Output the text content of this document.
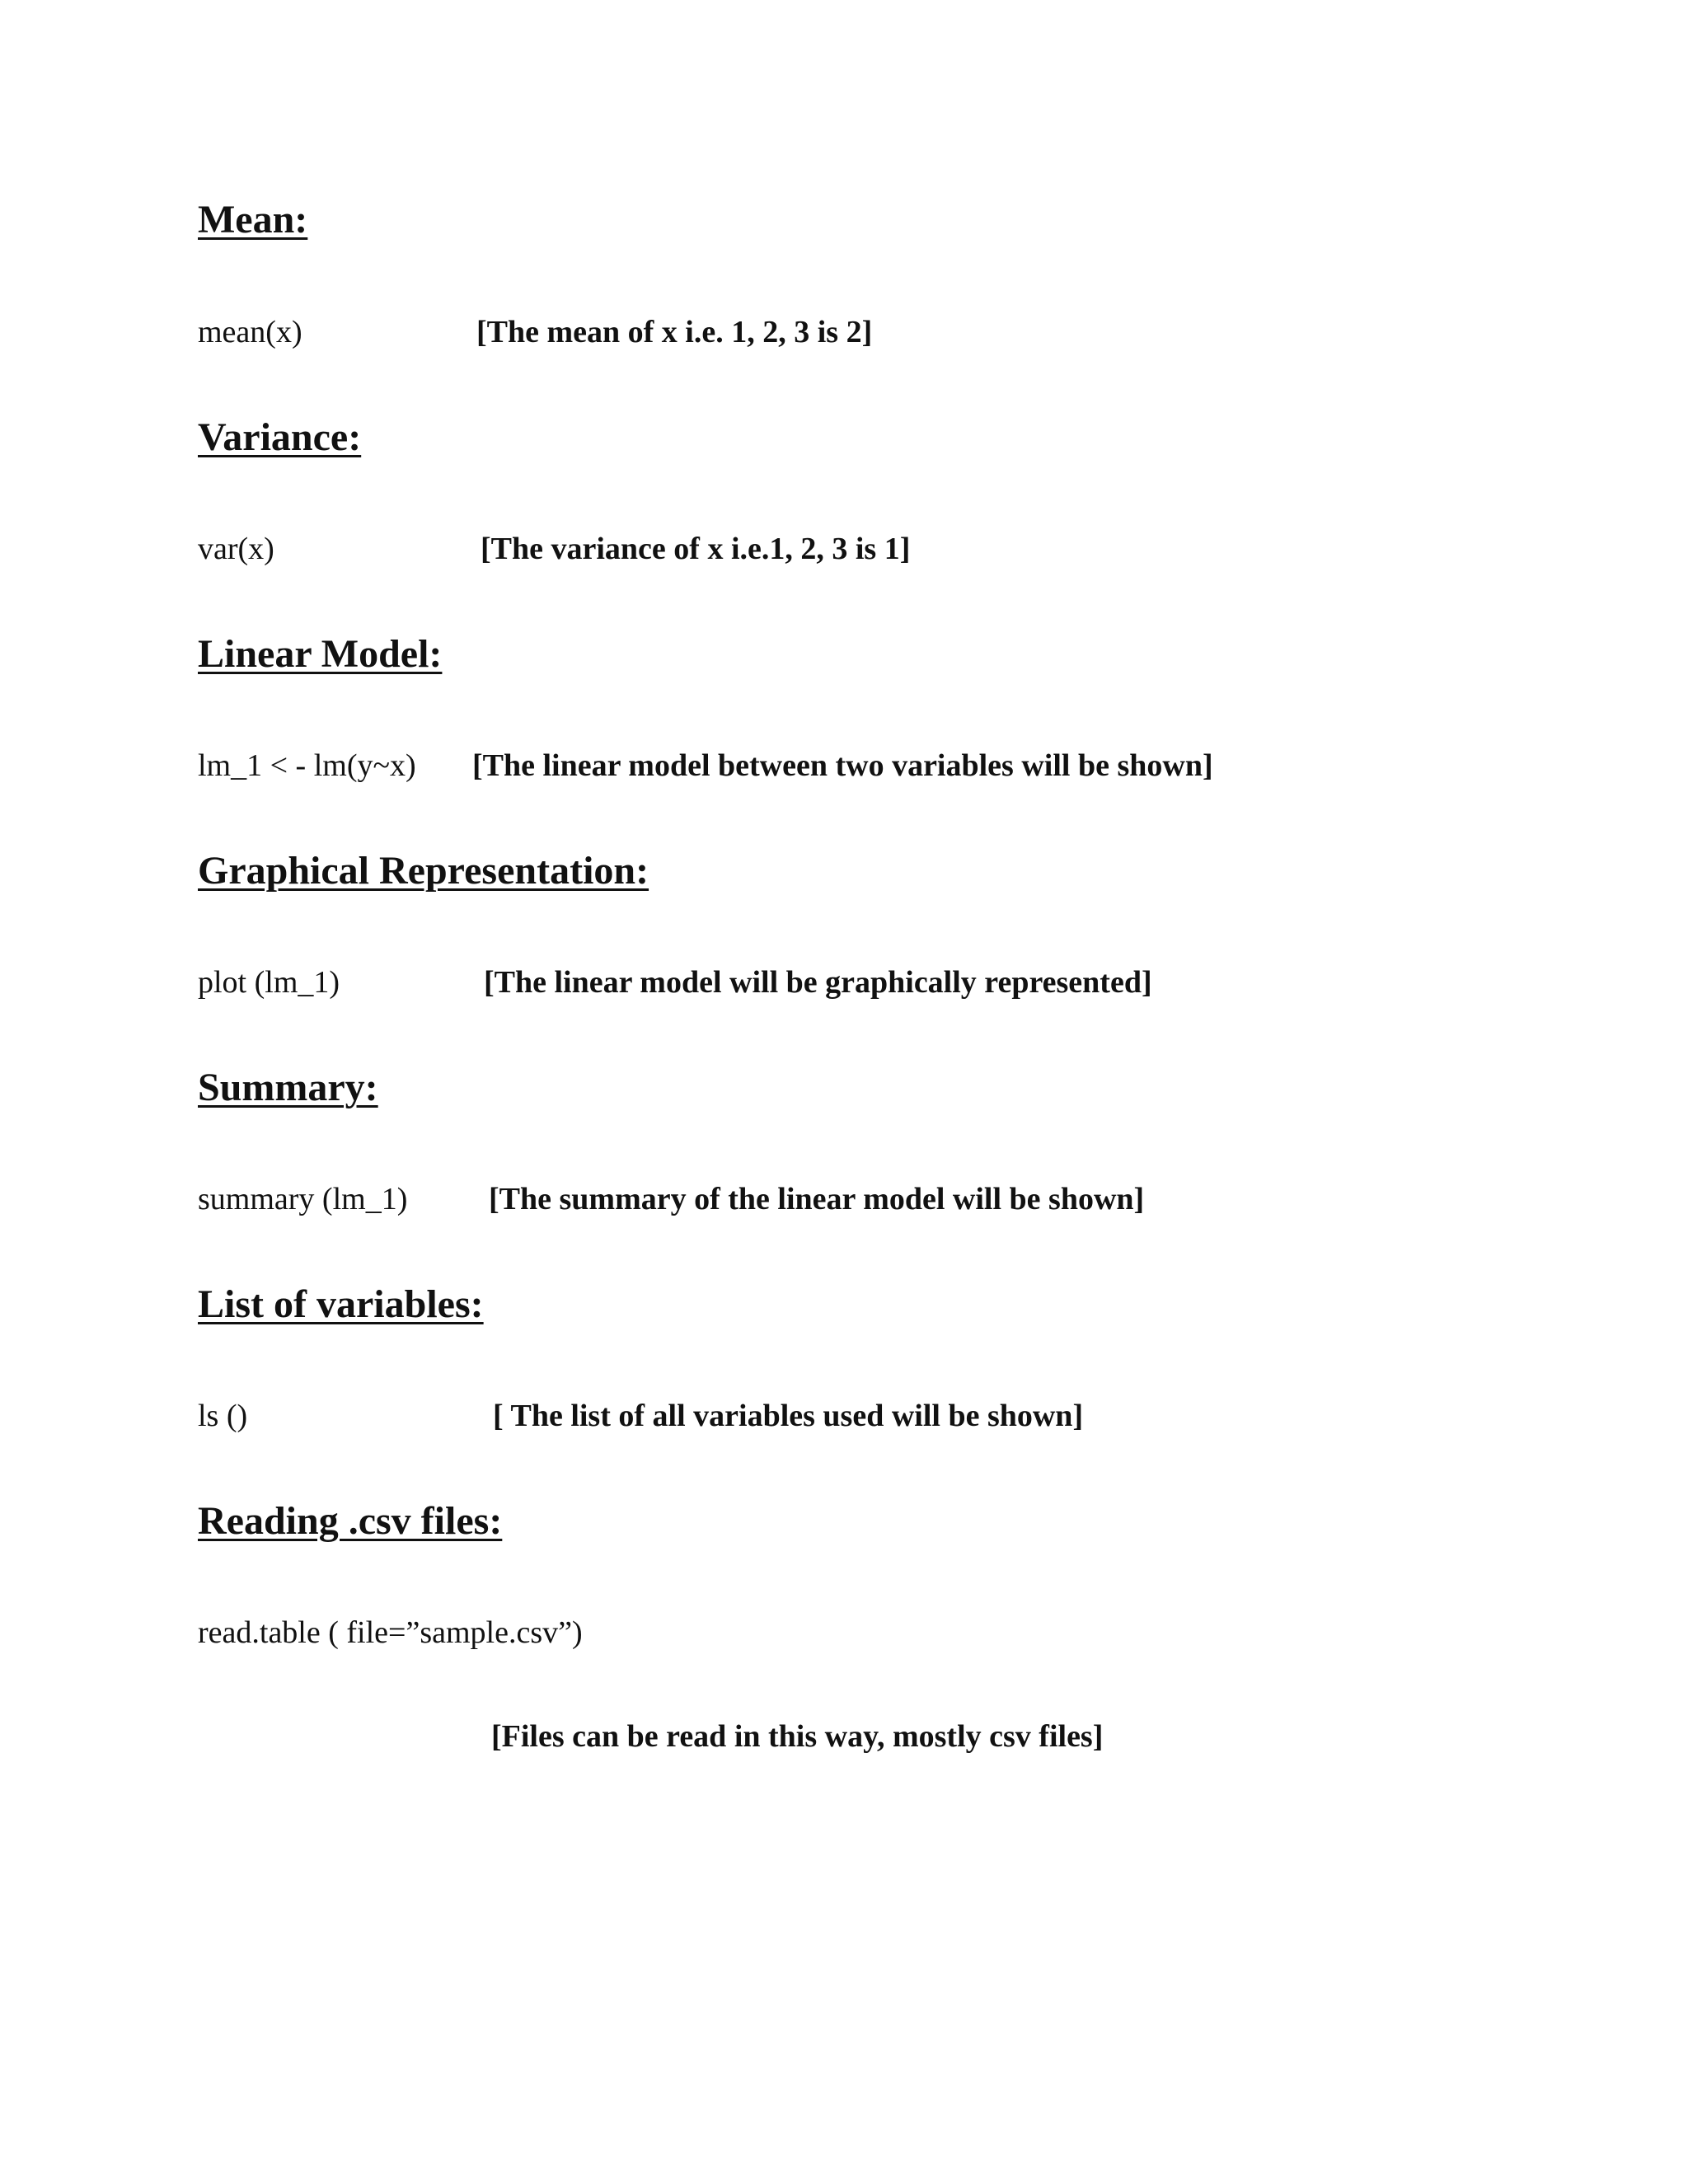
Mean:
mean(x)	[The mean of x i.e. 1, 2, 3 is 2]
Variance:
var(x)	[The variance of x i.e.1, 2, 3 is 1]
Linear Model:
lm_1 < - lm(y~x) [The linear model between two variables will be shown]
Graphical Representation:
plot (lm_1)	[The linear model will be graphically represented]
Summary:
summary (lm_1)	[The summary of the linear model will be shown]
List of variables:
ls ()	[ The list of all variables used will be shown]
Reading .csv files:
read.table ( file=”sample.csv”)
[Files can be read in this way, mostly csv files]
